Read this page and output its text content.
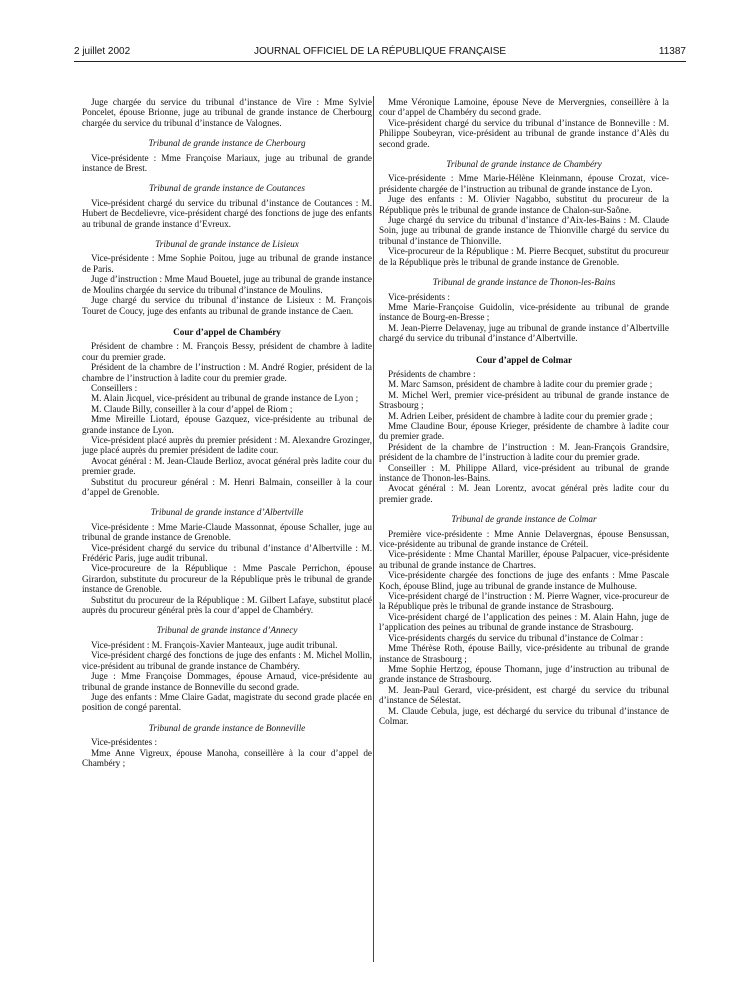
2 juillet 2002	JOURNAL OFFICIEL DE LA RÉPUBLIQUE FRANÇAISE	11387

Juge chargée du service du tribunal d’instance de Vire : Mme Sylvie Poncelet, épouse Brionne, juge au tribunal de grande instance de Cherbourg chargée du service du tribunal d’instance de Valognes.

Tribunal de grande instance de Cherbourg

Vice-présidente : Mme Françoise Mariaux, juge au tribunal de grande instance de Brest.

Tribunal de grande instance de Coutances

Vice-président chargé du service du tribunal d’instance de Coutances : M. Hubert de Becdelievre, vice-président chargé des fonctions de juge des enfants au tribunal de grande instance d’Evreux.

Tribunal de grande instance de Lisieux

Vice-présidente : Mme Sophie Poitou, juge au tribunal de grande instance de Paris.

Juge d’instruction : Mme Maud Bouetel, juge au tribunal de grande instance de Moulins chargée du service du tribunal d’instance de Moulins.

Juge chargé du service du tribunal d’instance de Lisieux : M. François Touret de Coucy, juge des enfants au tribunal de grande instance de Caen.

Cour d’appel de Chambéry

Président de chambre : M. François Bessy, président de chambre à ladite cour du premier grade.

Président de la chambre de l’instruction : M. André Rogier, président de la chambre de l’instruction à ladite cour du premier grade.

Conseillers :

M. Alain Jicquel, vice-président au tribunal de grande instance de Lyon ;

M. Claude Billy, conseiller à la cour d’appel de Riom ;

Mme Mireille Liotard, épouse Gazquez, vice-présidente au tribunal de grande instance de Lyon.

Vice-président placé auprès du premier président : M. Alexandre Grozinger, juge placé auprès du premier président de ladite cour.

Avocat général : M. Jean-Claude Berlioz, avocat général près ladite cour du premier grade.

Substitut du procureur général : M. Henri Balmain, conseiller à la cour d’appel de Grenoble.

Tribunal de grande instance d’Albertville

Vice-présidente : Mme Marie-Claude Massonnat, épouse Schaller, juge au tribunal de grande instance de Grenoble.

Vice-président chargé du service du tribunal d’instance d’Albertville : M. Frédéric Paris, juge audit tribunal.

Vice-procureure de la République : Mme Pascale Perrichon, épouse Girardon, substitute du procureur de la République près le tribunal de grande instance de Grenoble.

Substitut du procureur de la République : M. Gilbert Lafaye, substitut placé auprès du procureur général près la cour d’appel de Chambéry.

Tribunal de grande instance d’Annecy

Vice-président : M. François-Xavier Manteaux, juge audit tribunal.

Vice-président chargé des fonctions de juge des enfants : M. Michel Mollin, vice-président au tribunal de grande instance de Chambéry.

Juge : Mme Françoise Dommages, épouse Arnaud, vice-présidente au tribunal de grande instance de Bonneville du second grade.

Juge des enfants : Mme Claire Gadat, magistrate du second grade placée en position de congé parental.

Tribunal de grande instance de Bonneville

Vice-présidentes :

Mme Anne Vigreux, épouse Manoha, conseillère à la cour d’appel de Chambéry ;

Mme Véronique Lamoine, épouse Neve de Mervergnies, conseillère à la cour d’appel de Chambéry du second grade.

Vice-président chargé du service du tribunal d’instance de Bonneville : M. Philippe Soubeyran, vice-président au tribunal de grande instance d’Alès du second grade.

Tribunal de grande instance de Chambéry

Vice-présidente : Mme Marie-Hélène Kleinmann, épouse Crozat, vice-présidente chargée de l’instruction au tribunal de grande instance de Lyon.

Juge des enfants : M. Olivier Nagabbo, substitut du procureur de la République près le tribunal de grande instance de Chalon-sur-Saône.

Juge chargé du service du tribunal d’instance d’Aix-les-Bains : M. Claude Soin, juge au tribunal de grande instance de Thionville chargé du service du tribunal d’instance de Thionville.

Vice-procureur de la République : M. Pierre Becquet, substitut du procureur de la République près le tribunal de grande instance de Grenoble.

Tribunal de grande instance de Thonon-les-Bains

Vice-présidents :

Mme Marie-Françoise Guidolin, vice-présidente au tribunal de grande instance de Bourg-en-Bresse ;

M. Jean-Pierre Delavenay, juge au tribunal de grande instance d’Albertville chargé du service du tribunal d’instance d’Albertville.

Cour d’appel de Colmar

Présidents de chambre :

M. Marc Samson, président de chambre à ladite cour du premier grade ;

M. Michel Werl, premier vice-président au tribunal de grande instance de Strasbourg ;

M. Adrien Leiber, président de chambre à ladite cour du premier grade ;

Mme Claudine Bour, épouse Krieger, présidente de chambre à ladite cour du premier grade.

Président de la chambre de l’instruction : M. Jean-François Grandsire, président de la chambre de l’instruction à ladite cour du premier grade.

Conseiller : M. Philippe Allard, vice-président au tribunal de grande instance de Thonon-les-Bains.

Avocat général : M. Jean Lorentz, avocat général près ladite cour du premier grade.

Tribunal de grande instance de Colmar

Première vice-présidente : Mme Annie Delavergnas, épouse Bensussan, vice-présidente au tribunal de grande instance de Créteil.

Vice-présidente : Mme Chantal Mariller, épouse Palpacuer, vice-présidente au tribunal de grande instance de Chartres.

Vice-présidente chargée des fonctions de juge des enfants : Mme Pascale Koch, épouse Blind, juge au tribunal de grande instance de Mulhouse.

Vice-président chargé de l’instruction : M. Pierre Wagner, vice-procureur de la République près le tribunal de grande instance de Strasbourg.

Vice-président chargé de l’application des peines : M. Alain Hahn, juge de l’application des peines au tribunal de grande instance de Strasbourg.

Vice-présidents chargés du service du tribunal d’instance de Colmar :

Mme Thérèse Roth, épouse Bailly, vice-présidente au tribunal de grande instance de Strasbourg ;

Mme Sophie Hertzog, épouse Thomann, juge d’instruction au tribunal de grande instance de Strasbourg.

M. Jean-Paul Gerard, vice-président, est chargé du service du tribunal d’instance de Sélestat.

M. Claude Cebula, juge, est déchargé du service du tribunal d’instance de Colmar.
